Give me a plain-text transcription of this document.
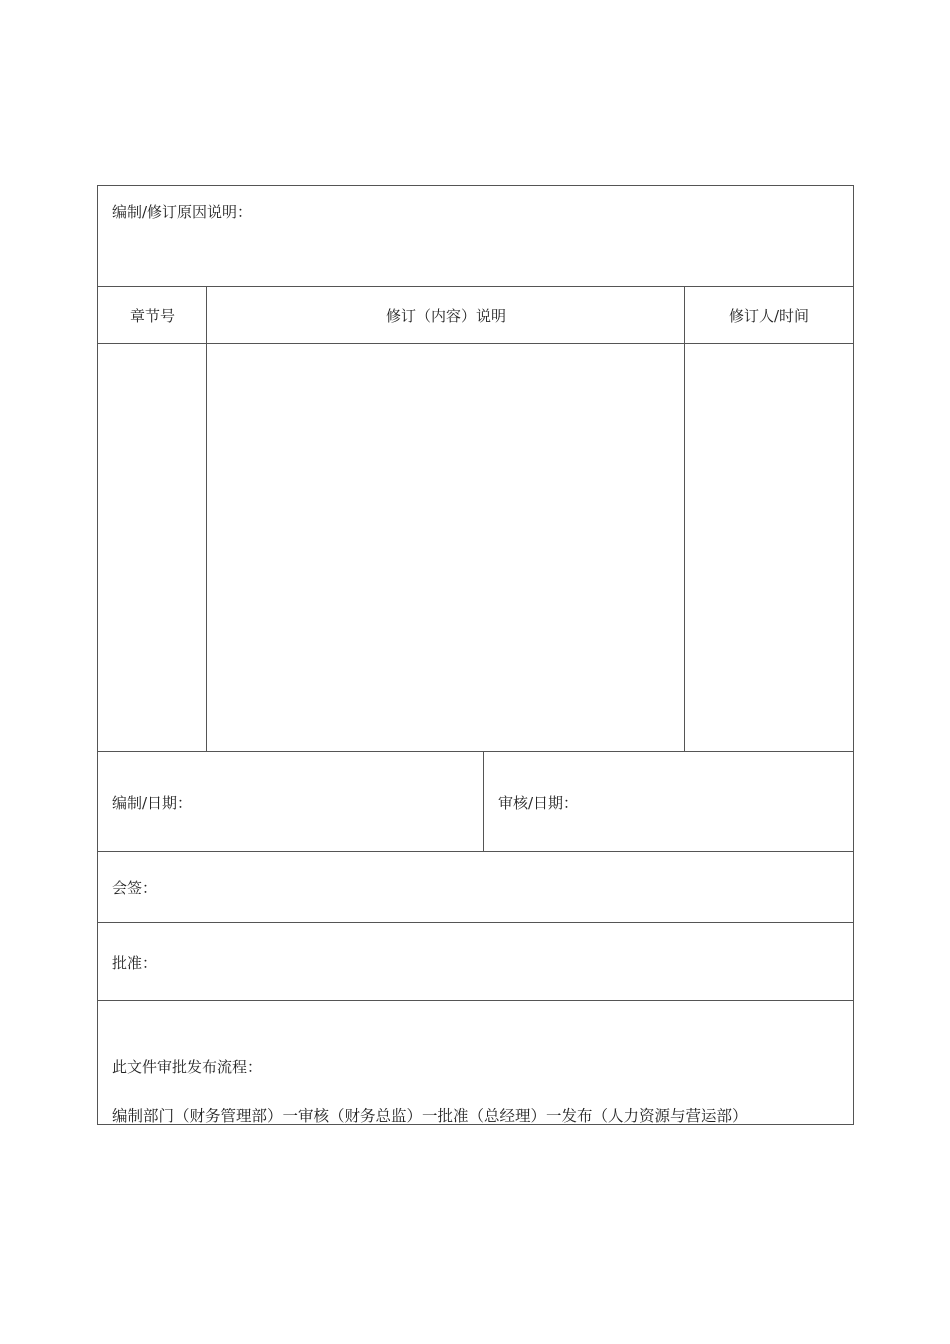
编制/修订原因说明：
章节号	修订（内容）说明	修订人/时间
编制/日期：	审核/日期：
会签：
批准：
此文件审批发布流程：
编制部门（财务管理部）一审核（财务总监）一批准（总经理）一发布（人力资源与营运部）
